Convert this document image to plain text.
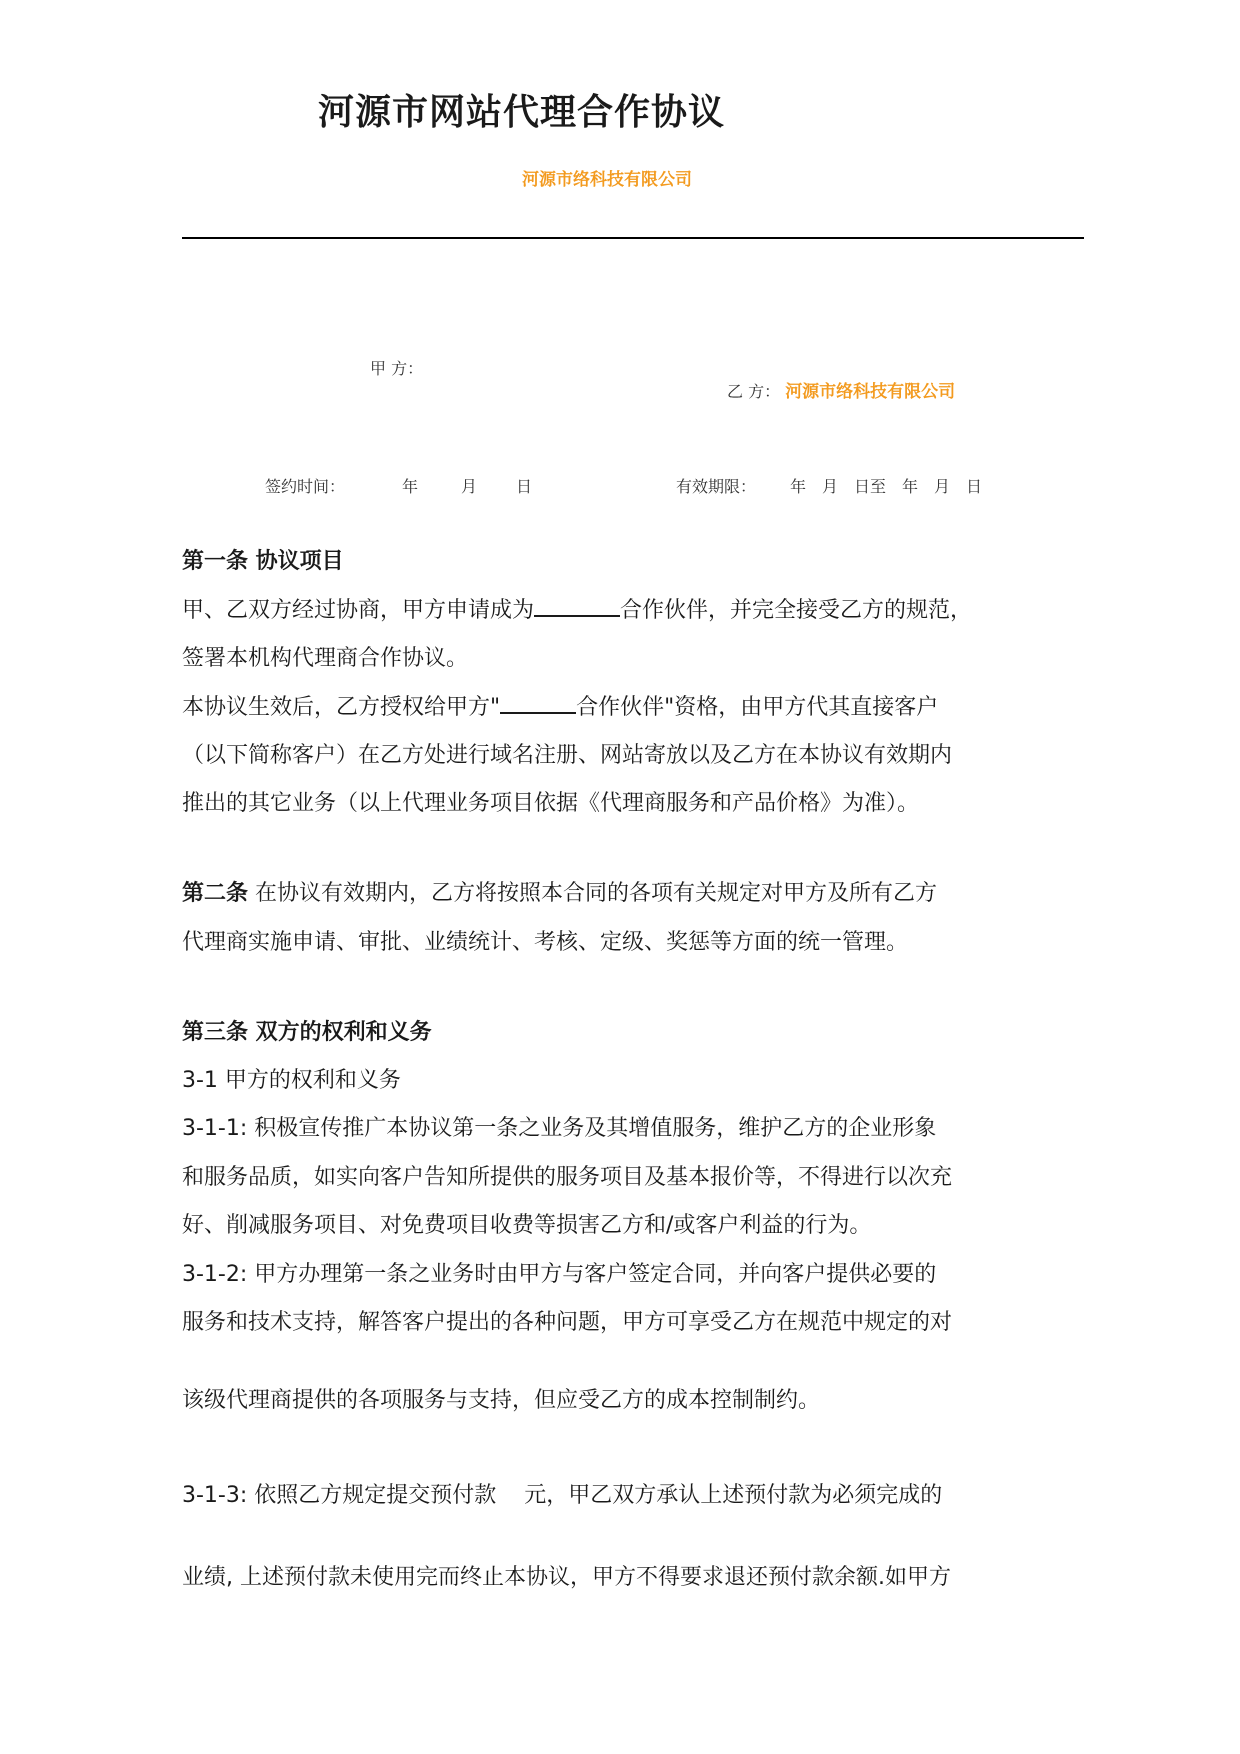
河源市网站代理合作协议
河源市络科技有限公司
甲 方：
乙 方： 河源市络科技有限公司
签约时间：	年	月 日	有效期限： 年　月　日至　年　月　日
第一条 协议项目
甲、乙双方经过协商，甲方申请成为	合作伙伴，并完全接受乙方的规范，
签署本机构代理商合作协议。
本协议生效后，乙方授权给甲方"	合作伙伴"资格，由甲方代其直接客户
（以下简称客户）在乙方处进行域名注册、网站寄放以及乙方在本协议有效期内
推出的其它业务（以上代理业务项目依据《代理商服务和产品价格》为准）。
第二条 在协议有效期内，乙方将按照本合同的各项有关规定对甲方及所有乙方
代理商实施申请、审批、业绩统计、考核、定级、奖惩等方面的统一管理。
第三条 双方的权利和义务
3-1 甲方的权利和义务
3-1-1: 积极宣传推广本协议第一条之业务及其增值服务，维护乙方的企业形象
和服务品质，如实向客户告知所提供的服务项目及基本报价等，不得进行以次充
好、削减服务项目、对免费项目收费等损害乙方和/或客户利益的行为。
3-1-2: 甲方办理第一条之业务时由甲方与客户签定合同，并向客户提供必要的
服务和技术支持，解答客户提出的各种问题，甲方可享受乙方在规范中规定的对
该级代理商提供的各项服务与支持，但应受乙方的成本控制制约。
3-1-3: 依照乙方规定提交预付款 元，甲乙双方承认上述预付款为必须完成的
业绩, 上述预付款未使用完而终止本协议，甲方不得要求退还预付款余额.如甲方
